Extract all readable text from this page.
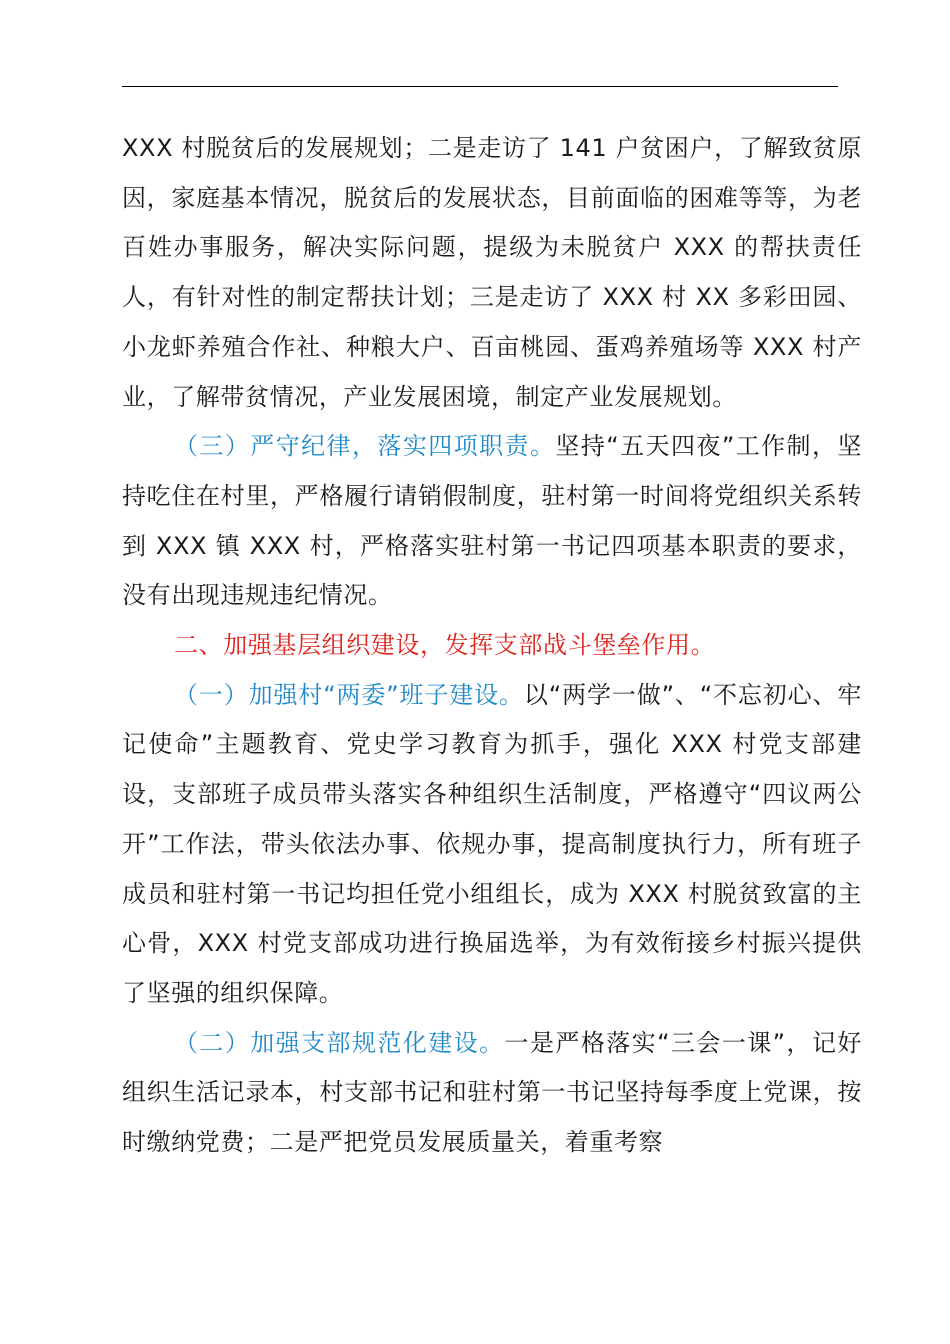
XXX 村脱贫后的发展规划；二是走访了 141 户贫困户，了解致贫原因，家庭基本情况，脱贫后的发展状态，目前面临的困难等等，为老百姓办事服务，解决实际问题，提级为未脱贫户 XXX 的帮扶责任人，有针对性的制定帮扶计划；三是走访了 XXX 村 XX 多彩田园、小龙虾养殖合作社、种粮大户、百亩桃园、蛋鸡养殖场等 XXX 村产业，了解带贫情况，产业发展困境，制定产业发展规划。

（三）严守纪律，落实四项职责。坚持“五天四夜”工作制，坚持吃住在村里，严格履行请销假制度，驻村第一时间将党组织关系转到 XXX 镇 XXX 村，严格落实驻村第一书记四项基本职责的要求，没有出现违规违纪情况。

二、加强基层组织建设，发挥支部战斗堡垒作用。

（一）加强村“两委”班子建设。以“两学一做”、“不忘初心、牢记使命”主题教育、党史学习教育为抓手，强化 XXX 村党支部建设，支部班子成员带头落实各种组织生活制度，严格遵守“四议两公开”工作法，带头依法办事、依规办事，提高制度执行力，所有班子成员和驻村第一书记均担任党小组组长，成为 XXX 村脱贫致富的主心骨，XXX 村党支部成功进行换届选举，为有效衔接乡村振兴提供了坚强的组织保障。

（二）加强支部规范化建设。一是严格落实“三会一课”，记好组织生活记录本，村支部书记和驻村第一书记坚持每季度上党课，按时缴纳党费；二是严把党员发展质量关，着重考察
